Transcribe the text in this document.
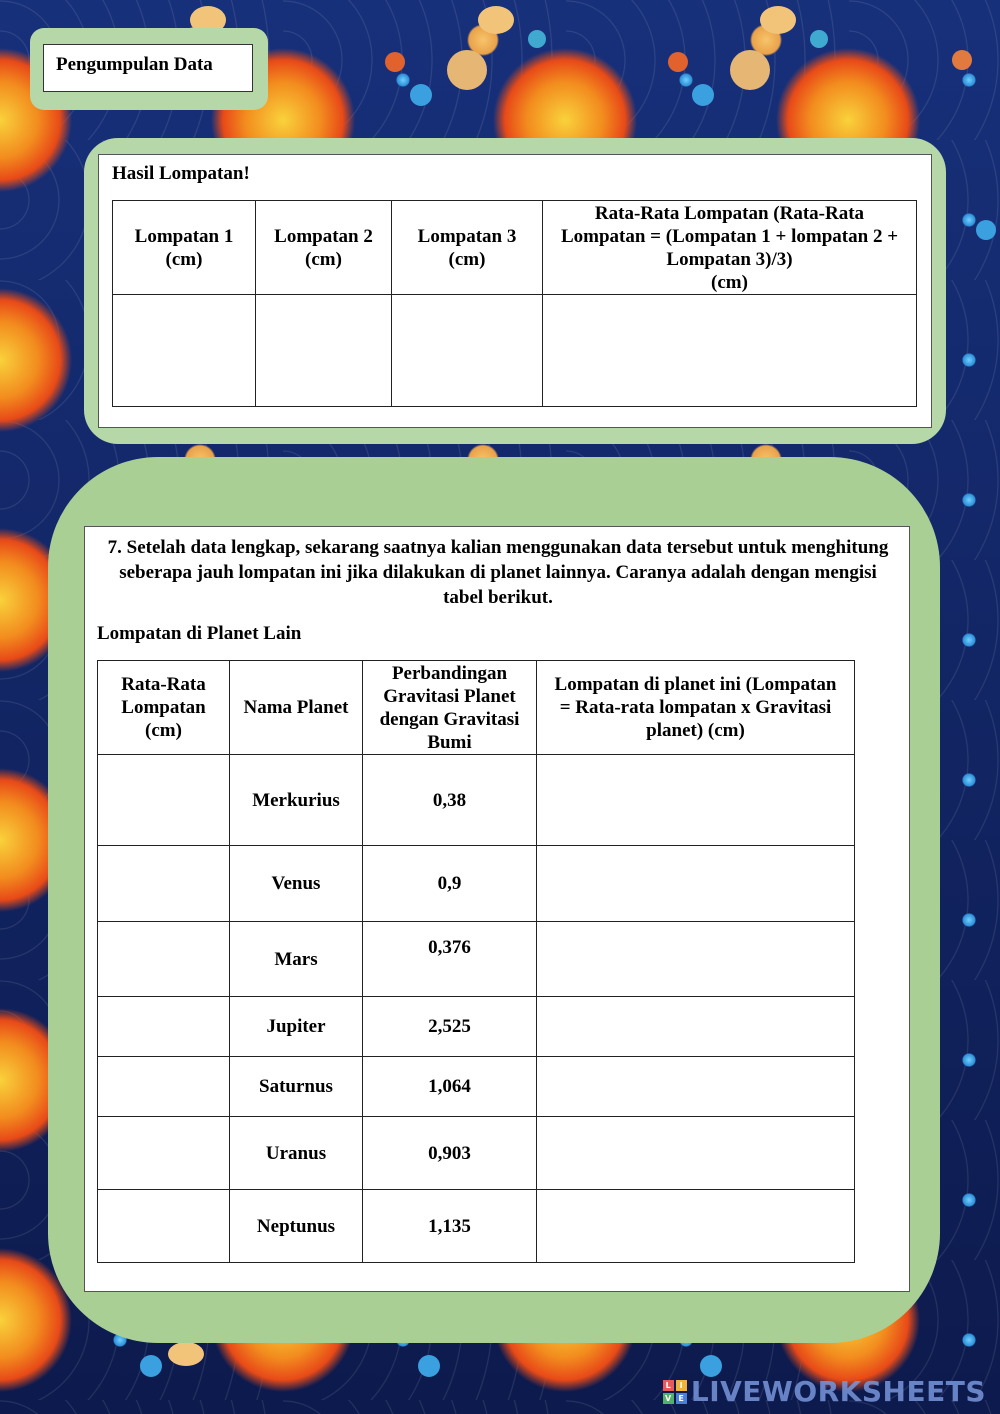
Pengumpulan Data
Hasil Lompatan!
Lompatan 1 (cm)	Lompatan 2 (cm)	Lompatan 3 (cm)	Rata-Rata Lompatan (Rata-Rata Lompatan = (Lompatan 1 + lompatan 2 + Lompatan 3)/3)
(cm)

7. Setelah data lengkap, sekarang saatnya kalian menggunakan data tersebut untuk menghitung seberapa jauh lompatan ini jika dilakukan di planet lainnya. Caranya adalah dengan mengisi tabel berikut.
Lompatan di Planet Lain
Rata-Rata Lompatan (cm)	Nama Planet	Perbandingan Gravitasi Planet dengan Gravitasi Bumi	Lompatan di planet ini (Lompatan = Rata-rata lompatan x Gravitasi planet) (cm)
	Merkurius	0,38	
	Venus	0,9	
	Mars	0,376	
	Jupiter	2,525	
	Saturnus	1,064	
	Uranus	0,903	
	Neptunus	1,135	
L	I
V E LIVEWORKSHEETS
